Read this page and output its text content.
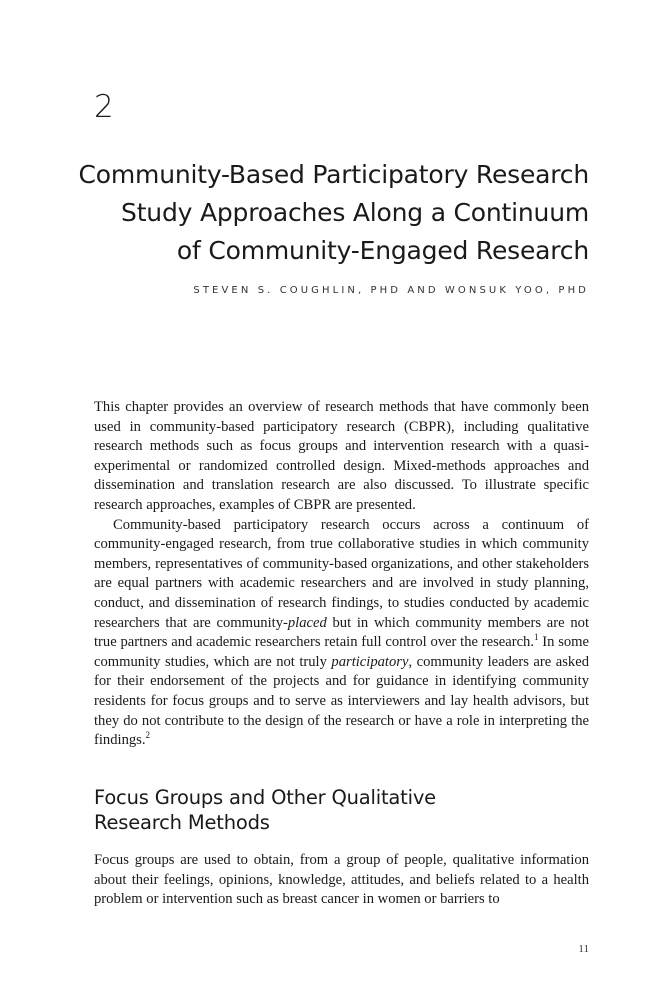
2
Community-Based Participatory Research
Study Approaches Along a Continuum
of Community-Engaged Research
STEVEN S. COUGHLIN, PHD AND WONSUK YOO, PHD

This chapter provides an overview of research methods that have commonly been used in community-based participatory research (CBPR), including qualitative research methods such as focus groups and intervention research with a quasi-experimental or randomized controlled design. Mixed-methods approaches and dissemination and translation research are also discussed. To illustrate specific research approaches, examples of CBPR are presented.

Community-based participatory research occurs across a continuum of community-engaged research, from true collaborative studies in which community members, representatives of community-based organizations, and other stakeholders are equal partners with academic researchers and are involved in study planning, conduct, and dissemination of research findings, to studies conducted by academic researchers that are community-placed but in which community members are not true partners and academic researchers retain full control over the research.$^1$ In some community studies, which are not truly participatory, community leaders are asked for their endorsement of the projects and for guidance in identifying community residents for focus groups and to serve as interviewers and lay health advisors, but they do not contribute to the design of the research or have a role in interpreting the findings.$^2$

Focus Groups and Other Qualitative
Research Methods

Focus groups are used to obtain, from a group of people, qualitative information about their feelings, opinions, knowledge, attitudes, and beliefs related to a health problem or intervention such as breast cancer in women or barriers to

11
